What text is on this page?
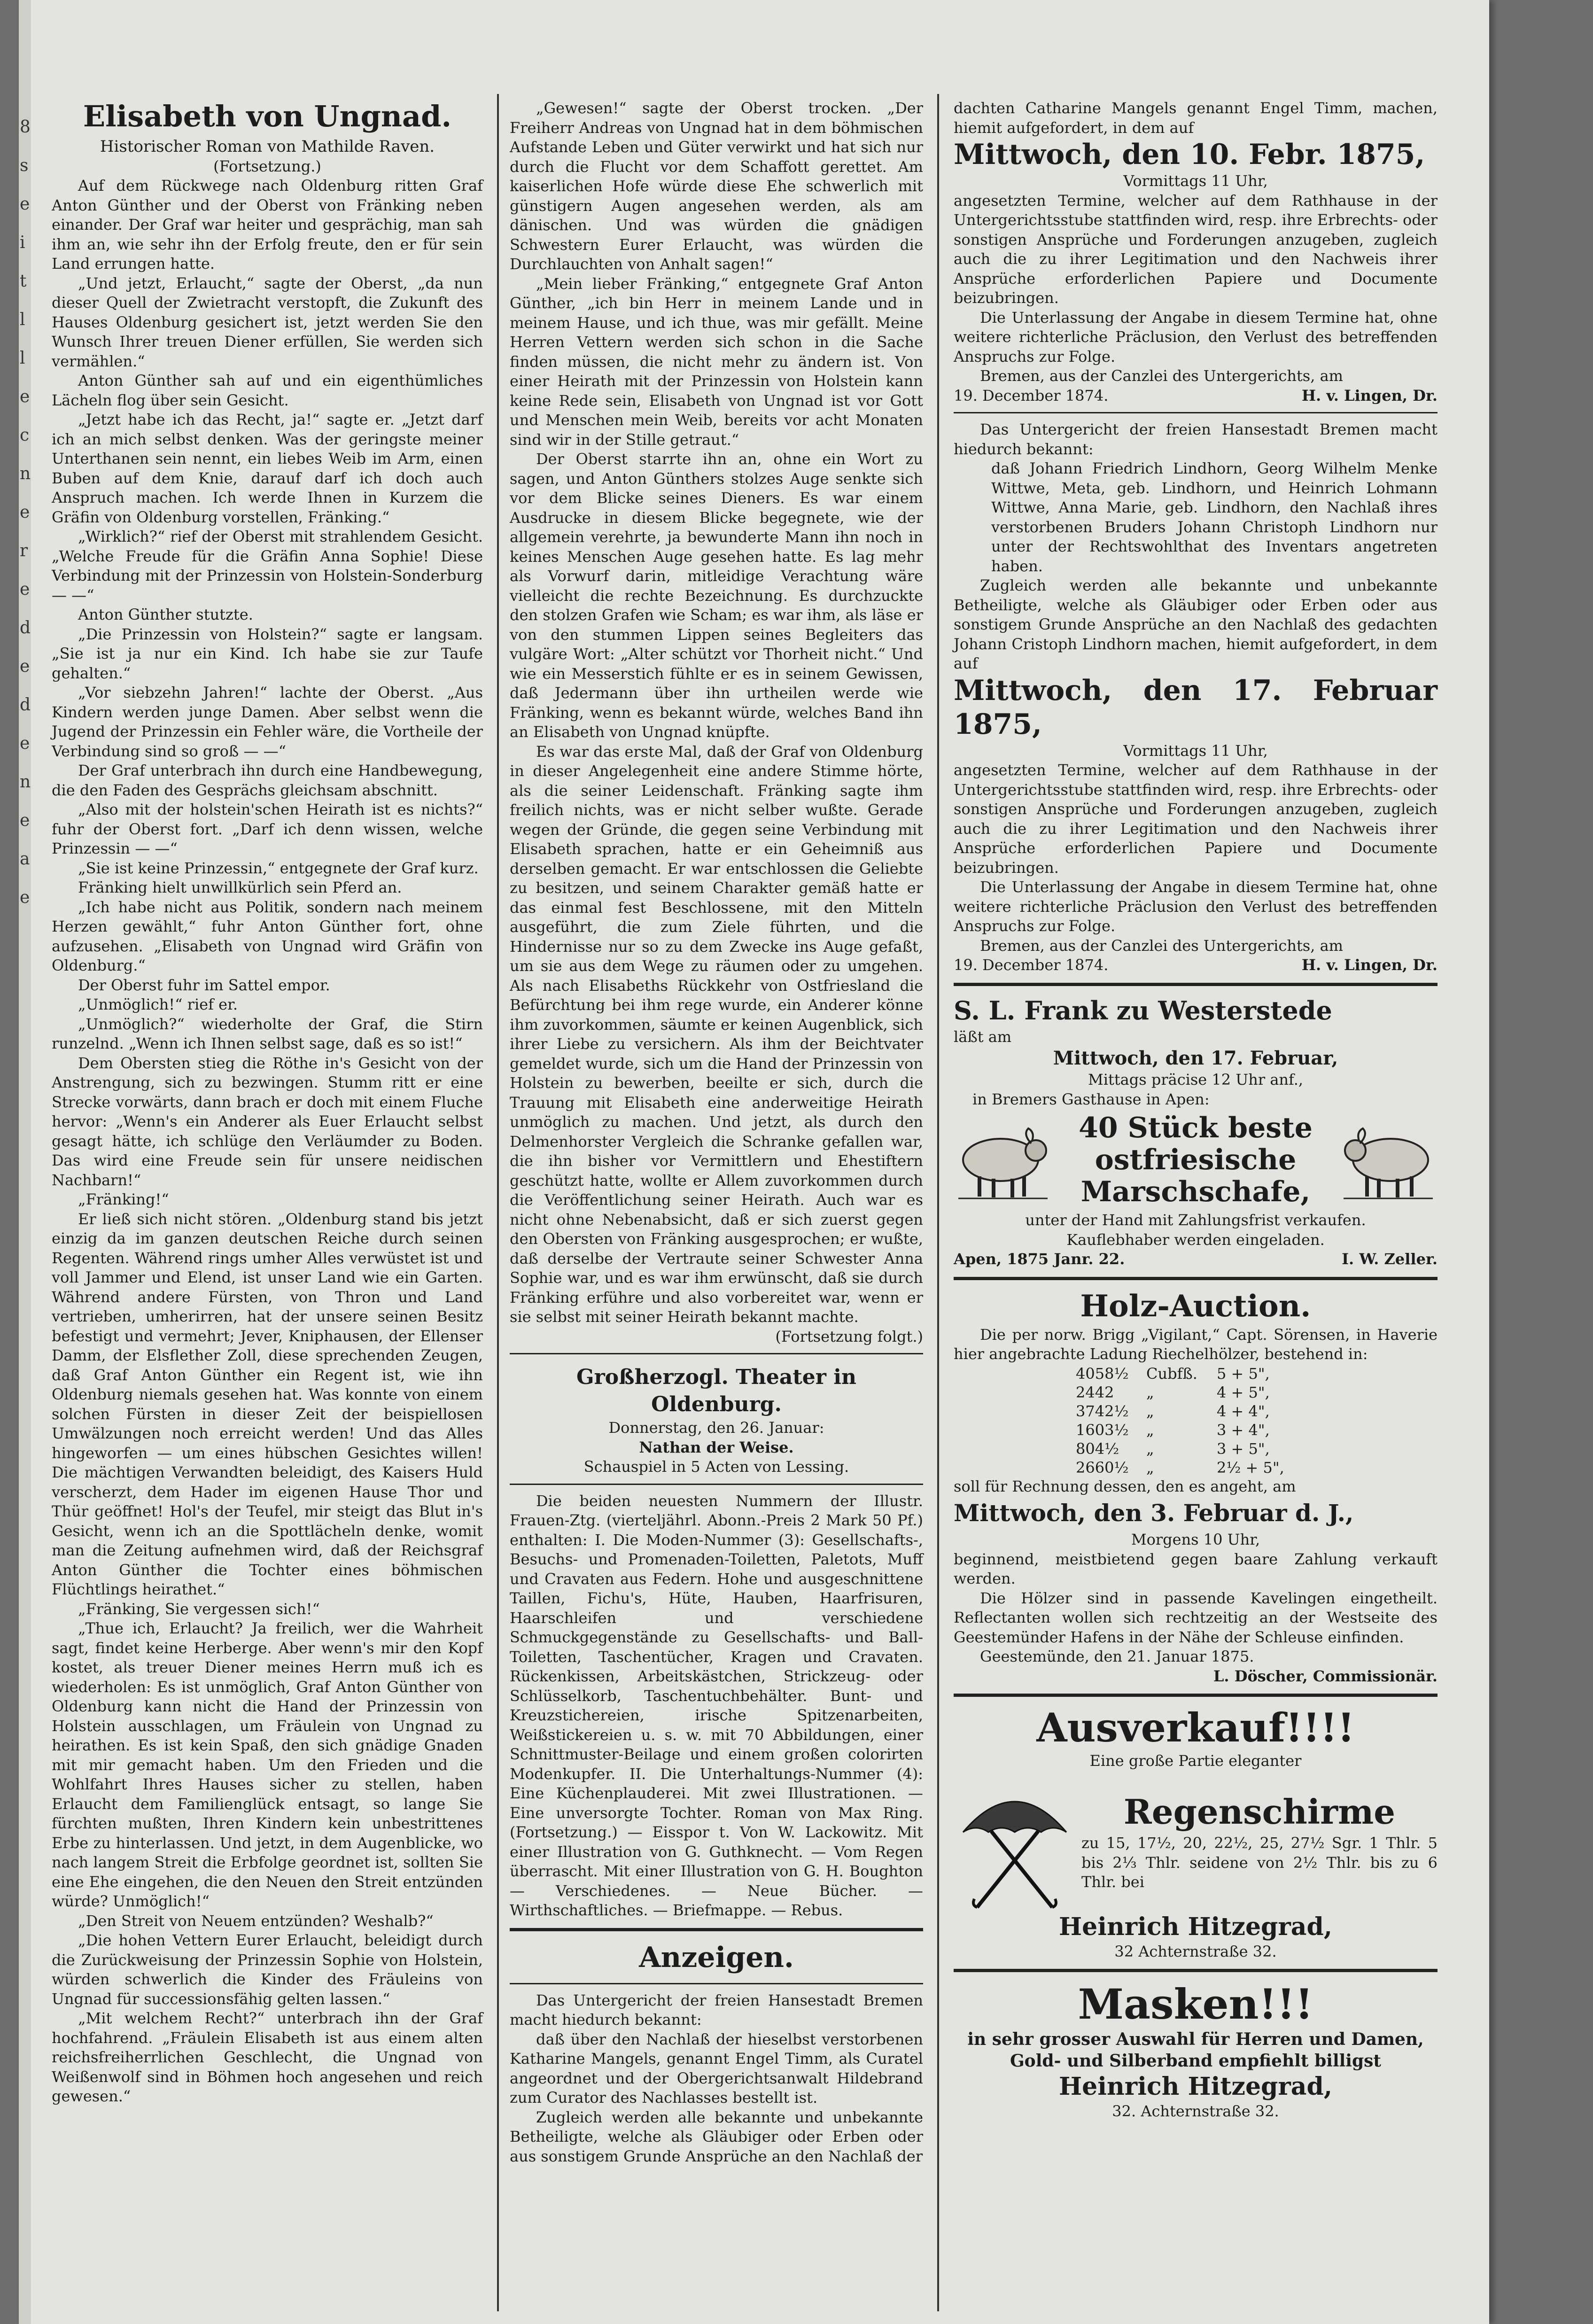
8
s
e
i
t
l
l
e
c
n
e
r
e
d
e
d
e
n
e
a
e
Elisabeth von Ungnad.
Historischer Roman von Mathilde Raven.
(Fortsetzung.)

Auf dem Rückwege nach Oldenburg ritten Graf Anton Günther und der Oberst von Fränking neben einander. Der Graf war heiter und gesprächig, man sah ihm an, wie sehr ihn der Erfolg freute, den er für sein Land errungen hatte.

„Und jetzt, Erlaucht,“ sagte der Oberst, „da nun dieser Quell der Zwietracht verstopft, die Zukunft des Hauses Oldenburg gesichert ist, jetzt werden Sie den Wunsch Ihrer treuen Diener erfüllen, Sie werden sich vermählen.“

Anton Günther sah auf und ein eigenthümliches Lächeln flog über sein Gesicht.

„Jetzt habe ich das Recht, ja!“ sagte er. „Jetzt darf ich an mich selbst denken. Was der geringste meiner Unterthanen sein nennt, ein liebes Weib im Arm, einen Buben auf dem Knie, darauf darf ich doch auch Anspruch machen. Ich werde Ihnen in Kurzem die Gräfin von Oldenburg vorstellen, Fränking.“

„Wirklich?“ rief der Oberst mit strahlendem Gesicht. „Welche Freude für die Gräfin Anna Sophie! Diese Verbindung mit der Prinzessin von Holstein-Sonderburg — —“

Anton Günther stutzte.

„Die Prinzessin von Holstein?“ sagte er langsam. „Sie ist ja nur ein Kind. Ich habe sie zur Taufe gehalten.“

„Vor siebzehn Jahren!“ lachte der Oberst. „Aus Kindern werden junge Damen. Aber selbst wenn die Jugend der Prinzessin ein Fehler wäre, die Vortheile der Verbindung sind so groß — —“

Der Graf unterbrach ihn durch eine Handbewegung, die den Faden des Gesprächs gleichsam abschnitt.

„Also mit der holstein'schen Heirath ist es nichts?“ fuhr der Oberst fort. „Darf ich denn wissen, welche Prinzessin — —“

„Sie ist keine Prinzessin,“ entgegnete der Graf kurz.

Fränking hielt unwillkürlich sein Pferd an.

„Ich habe nicht aus Politik, sondern nach meinem Herzen gewählt,“ fuhr Anton Günther fort, ohne aufzusehen. „Elisabeth von Ungnad wird Gräfin von Oldenburg.“

Der Oberst fuhr im Sattel empor.

„Unmöglich!“ rief er.

„Unmöglich?“ wiederholte der Graf, die Stirn runzelnd. „Wenn ich Ihnen selbst sage, daß es so ist!“

Dem Obersten stieg die Röthe in's Gesicht von der Anstrengung, sich zu bezwingen. Stumm ritt er eine Strecke vorwärts, dann brach er doch mit einem Fluche hervor: „Wenn's ein Anderer als Euer Erlaucht selbst gesagt hätte, ich schlüge den Verläumder zu Boden. Das wird eine Freude sein für unsere neidischen Nachbarn!“

„Fränking!“

Er ließ sich nicht stören. „Oldenburg stand bis jetzt einzig da im ganzen deutschen Reiche durch seinen Regenten. Während rings umher Alles verwüstet ist und voll Jammer und Elend, ist unser Land wie ein Garten. Während andere Fürsten, von Thron und Land vertrieben, umherirren, hat der unsere seinen Besitz befestigt und vermehrt; Jever, Kniphausen, der Ellenser Damm, der Elsflether Zoll, diese sprechenden Zeugen, daß Graf Anton Günther ein Regent ist, wie ihn Oldenburg niemals gesehen hat. Was konnte von einem solchen Fürsten in dieser Zeit der beispiellosen Umwälzungen noch erreicht werden! Und das Alles hingeworfen — um eines hübschen Gesichtes willen! Die mächtigen Verwandten beleidigt, des Kaisers Huld verscherzt, dem Hader im eigenen Hause Thor und Thür geöffnet! Hol's der Teufel, mir steigt das Blut in's Gesicht, wenn ich an die Spottlächeln denke, womit man die Zeitung aufnehmen wird, daß der Reichsgraf Anton Günther die Tochter eines böhmischen Flüchtlings heirathet.“

„Fränking, Sie vergessen sich!“

„Thue ich, Erlaucht? Ja freilich, wer die Wahrheit sagt, findet keine Herberge. Aber wenn's mir den Kopf kostet, als treuer Diener meines Herrn muß ich es wiederholen: Es ist unmöglich, Graf Anton Günther von Oldenburg kann nicht die Hand der Prinzessin von Holstein ausschlagen, um Fräulein von Ungnad zu heirathen. Es ist kein Spaß, den sich gnädige Gnaden mit mir gemacht haben. Um den Frieden und die Wohlfahrt Ihres Hauses sicher zu stellen, haben Erlaucht dem Familienglück entsagt, so lange Sie fürchten mußten, Ihren Kindern kein unbestrittenes Erbe zu hinterlassen. Und jetzt, in dem Augenblicke, wo nach langem Streit die Erbfolge geordnet ist, sollten Sie eine Ehe eingehen, die den Neuen den Streit entzünden würde? Unmöglich!“

„Den Streit von Neuem entzünden? Weshalb?“

„Die hohen Vettern Eurer Erlaucht, beleidigt durch die Zurückweisung der Prinzessin Sophie von Holstein, würden schwerlich die Kinder des Fräuleins von Ungnad für successionsfähig gelten lassen.“

„Mit welchem Recht?“ unterbrach ihn der Graf hochfahrend. „Fräulein Elisabeth ist aus einem alten reichsfreiherrlichen Geschlecht, die Ungnad von Weißenwolf sind in Böhmen hoch angesehen und reich gewesen.“

„Gewesen!“ sagte der Oberst trocken. „Der Freiherr Andreas von Ungnad hat in dem böhmischen Aufstande Leben und Güter verwirkt und hat sich nur durch die Flucht vor dem Schaffott gerettet. Am kaiserlichen Hofe würde diese Ehe schwerlich mit günstigern Augen angesehen werden, als am dänischen. Und was würden die gnädigen Schwestern Eurer Erlaucht, was würden die Durchlauchten von Anhalt sagen!“

„Mein lieber Fränking,“ entgegnete Graf Anton Günther, „ich bin Herr in meinem Lande und in meinem Hause, und ich thue, was mir gefällt. Meine Herren Vettern werden sich schon in die Sache finden müssen, die nicht mehr zu ändern ist. Von einer Heirath mit der Prinzessin von Holstein kann keine Rede sein, Elisabeth von Ungnad ist vor Gott und Menschen mein Weib, bereits vor acht Monaten sind wir in der Stille getraut.“

Der Oberst starrte ihn an, ohne ein Wort zu sagen, und Anton Günthers stolzes Auge senkte sich vor dem Blicke seines Dieners. Es war einem Ausdrucke in diesem Blicke begegnete, wie der allgemein verehrte, ja bewunderte Mann ihn noch in keines Menschen Auge gesehen hatte. Es lag mehr als Vorwurf darin, mitleidige Verachtung wäre vielleicht die rechte Bezeichnung. Es durchzuckte den stolzen Grafen wie Scham; es war ihm, als läse er von den stummen Lippen seines Begleiters das vulgäre Wort: „Alter schützt vor Thorheit nicht.“ Und wie ein Messerstich fühlte er es in seinem Gewissen, daß Jedermann über ihn urtheilen werde wie Fränking, wenn es bekannt würde, welches Band ihn an Elisabeth von Ungnad knüpfte.

Es war das erste Mal, daß der Graf von Oldenburg in dieser Angelegenheit eine andere Stimme hörte, als die seiner Leidenschaft. Fränking sagte ihm freilich nichts, was er nicht selber wußte. Gerade wegen der Gründe, die gegen seine Verbindung mit Elisabeth sprachen, hatte er ein Geheimniß aus derselben gemacht. Er war entschlossen die Geliebte zu besitzen, und seinem Charakter gemäß hatte er das einmal fest Beschlossene, mit den Mitteln ausgeführt, die zum Ziele führten, und die Hindernisse nur so zu dem Zwecke ins Auge gefaßt, um sie aus dem Wege zu räumen oder zu umgehen. Als nach Elisabeths Rückkehr von Ostfriesland die Befürchtung bei ihm rege wurde, ein Anderer könne ihm zuvorkommen, säumte er keinen Augenblick, sich ihrer Liebe zu versichern. Als ihm der Beichtvater gemeldet wurde, sich um die Hand der Prinzessin von Holstein zu bewerben, beeilte er sich, durch die Trauung mit Elisabeth eine anderweitige Heirath unmöglich zu machen. Und jetzt, als durch den Delmenhorster Vergleich die Schranke gefallen war, die ihn bisher vor Vermittlern und Ehestiftern geschützt hatte, wollte er Allem zuvorkommen durch die Veröffentlichung seiner Heirath. Auch war es nicht ohne Nebenabsicht, daß er sich zuerst gegen den Obersten von Fränking ausgesprochen; er wußte, daß derselbe der Vertraute seiner Schwester Anna Sophie war, und es war ihm erwünscht, daß sie durch Fränking erführe und also vorbereitet war, wenn er sie selbst mit seiner Heirath bekannt machte.

(Fortsetzung folgt.)
Großherzogl. Theater in Oldenburg.
Donnerstag, den 26. Januar:
Nathan der Weise.
Schauspiel in 5 Acten von Lessing.

Die beiden neuesten Nummern der Illustr. Frauen-Ztg. (vierteljährl. Abonn.-Preis 2 Mark 50 Pf.) enthalten: I. Die Moden-Nummer (3): Gesellschafts-, Besuchs- und Promenaden-Toiletten, Paletots, Muff und Cravaten aus Federn. Hohe und ausgeschnittene Taillen, Fichu's, Hüte, Hauben, Haarfrisuren, Haarschleifen und verschiedene Schmuckgegenstände zu Gesellschafts- und Ball-Toiletten, Taschentücher, Kragen und Cravaten. Rückenkissen, Arbeitskästchen, Strickzeug- oder Schlüsselkorb, Taschentuchbehälter. Bunt- und Kreuzstichereien, irische Spitzenarbeiten, Weißstickereien u. s. w. mit 70 Abbildungen, einer Schnittmuster-Beilage und einem großen colorirten Modenkupfer. II. Die Unterhaltungs-Nummer (4): Eine Küchenplauderei. Mit zwei Illustrationen. — Eine unversorgte Tochter. Roman von Max Ring. (Fortsetzung.) — Eisspor t. Von W. Lackowitz. Mit einer Illustration von G. Guthknecht. — Vom Regen überrascht. Mit einer Illustration von G. H. Boughton — Verschiedenes. — Neue Bücher. — Wirthschaftliches. — Briefmappe. — Rebus.

Anzeigen.

Das Untergericht der freien Hansestadt Bremen macht hiedurch bekannt:

daß über den Nachlaß der hieselbst verstorbenen Katharine Mangels, genannt Engel Timm, als Curatel angeordnet und der Obergerichtsanwalt Hildebrand zum Curator des Nachlasses bestellt ist.

Zugleich werden alle bekannte und unbekannte Betheiligte, welche als Gläubiger oder Erben oder aus sonstigem Grunde Ansprüche an den Nachlaß der

dachten Catharine Mangels genannt Engel Timm, machen, hiemit aufgefordert, in dem auf

Mittwoch, den 10. Febr. 1875,
Vormittags 11 Uhr,

angesetzten Termine, welcher auf dem Rathhause in der Untergerichtsstube stattfinden wird, resp. ihre Erbrechts- oder sonstigen Ansprüche und Forderungen anzugeben, zugleich auch die zu ihrer Legitimation und den Nachweis ihrer Ansprüche erforderlichen Papiere und Documente beizubringen.

Die Unterlassung der Angabe in diesem Termine hat, ohne weitere richterliche Präclusion, den Verlust des betreffenden Anspruchs zur Folge.

Bremen, aus der Canzlei des Untergerichts, am

19. December 1874.	H. v. Lingen, Dr.

Das Untergericht der freien Hansestadt Bremen macht hiedurch bekannt:

daß Johann Friedrich Lindhorn, Georg Wilhelm Menke Wittwe, Meta, geb. Lindhorn, und Heinrich Lohmann Wittwe, Anna Marie, geb. Lindhorn, den Nachlaß ihres verstorbenen Bruders Johann Christoph Lindhorn nur unter der Rechtswohlthat des Inventars angetreten haben.

Zugleich werden alle bekannte und unbekannte Betheiligte, welche als Gläubiger oder Erben oder aus sonstigem Grunde Ansprüche an den Nachlaß des gedachten Johann Cristoph Lindhorn machen, hiemit aufgefordert, in dem auf

Mittwoch, den 17. Februar 1875,
Vormittags 11 Uhr,

angesetzten Termine, welcher auf dem Rathhause in der Untergerichtsstube stattfinden wird, resp. ihre Erbrechts- oder sonstigen Ansprüche und Forderungen anzugeben, zugleich auch die zu ihrer Legitimation und den Nachweis ihrer Ansprüche erforderlichen Papiere und Documente beizubringen.

Die Unterlassung der Angabe in diesem Termine hat, ohne weitere richterliche Präclusion den Verlust des betreffenden Anspruchs zur Folge.

Bremen, aus der Canzlei des Untergerichts, am

19. December 1874.	H. v. Lingen, Dr.
S. L. Frank zu Westerstede
läßt am
Mittwoch, den 17. Februar,
Mittags präcise 12 Uhr anf.,
in Bremers Gasthause in Apen:
40 Stück beste ostfriesische Marschschafe,
unter der Hand mit Zahlungsfrist verkaufen.
Kauflebhaber werden eingeladen.
Apen, 1875 Janr. 22.	I. W. Zeller.
Holz-Auction.

Die per norw. Brigg „Vigilant,“ Capt. Sörensen, in Haverie hier angebrachte Ladung Riechelhölzer, bestehend in:

4058½ Cubfß. 5 + 5",
2442 „	4 + 5",
3742½ „	4 + 4",
1603½ „	3 + 4",
804½ „	3 + 5",
2660½ „	2½ + 5",

soll für Rechnung dessen, den es angeht, am

Mittwoch, den 3. Februar d. J.,
Morgens 10 Uhr,

beginnend, meistbietend gegen baare Zahlung verkauft werden.

Die Hölzer sind in passende Kavelingen eingetheilt. Reflectanten wollen sich rechtzeitig an der Westseite des Geestemünder Hafens in der Nähe der Schleuse einfinden.

Geestemünde, den 21. Januar 1875.

L. Döscher, Commissionär.
Ausverkauf!!!!
Eine große Partie eleganter
Regenschirme

zu 15, 17½, 20, 22½, 25, 27½ Sgr. 1 Thlr. 5 bis 2⅓ Thlr. seidene von 2½ Thlr. bis zu 6 Thlr. bei

Heinrich Hitzegrad,
32 Achternstraße 32.
Masken!!!

in sehr grosser Auswahl für Herren und Damen, Gold- und Silberband empfiehlt billigst

Heinrich Hitzegrad,
32. Achternstraße 32.
